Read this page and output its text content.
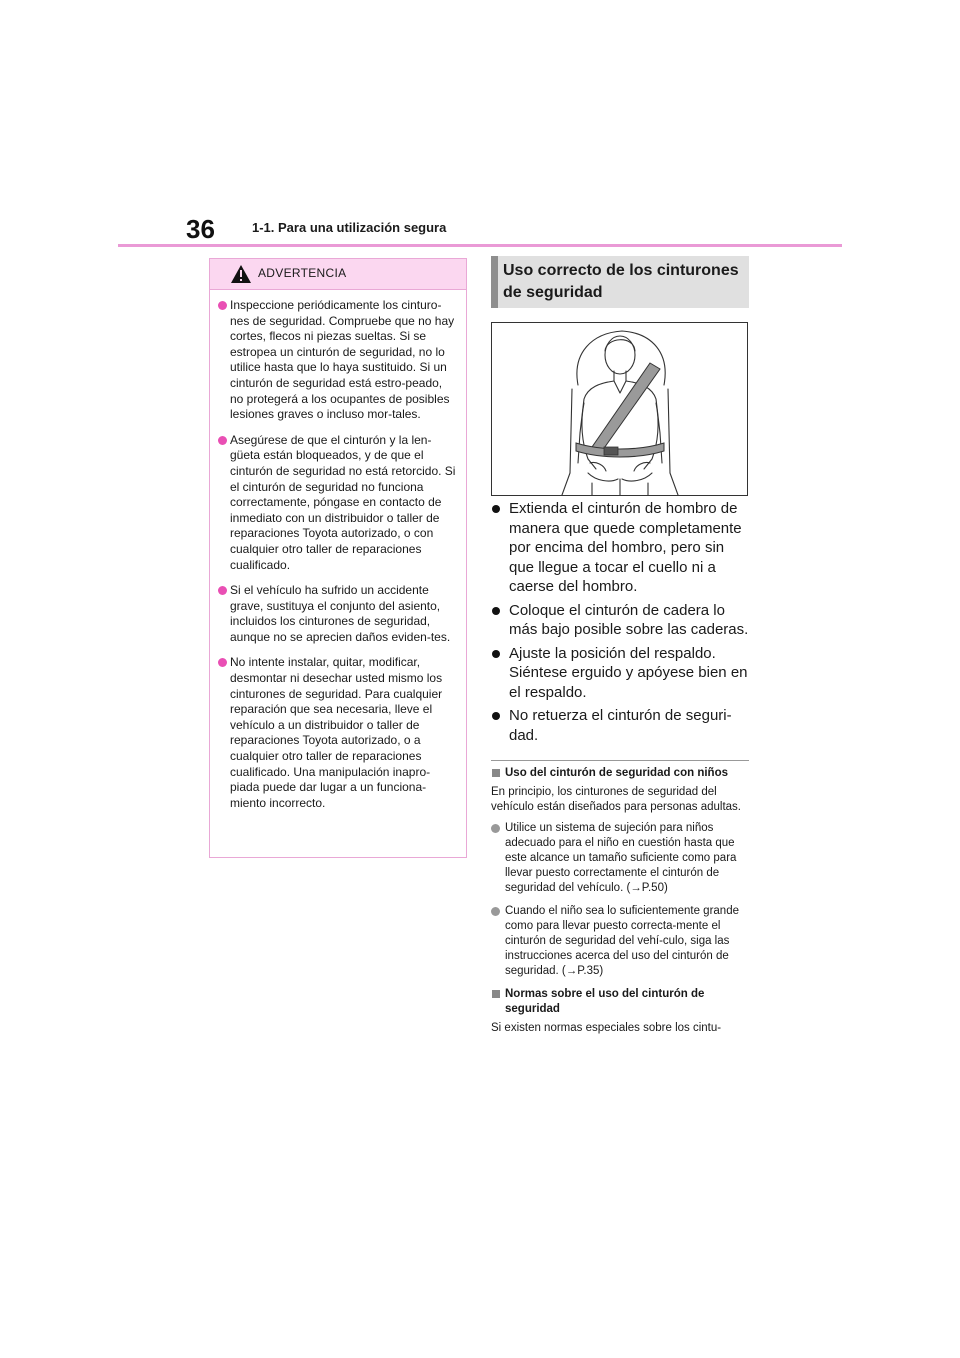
36	1-1. Para una utilización segura
ADVERTENCIA
Inspeccione periódicamente los cinturo-nes de seguridad. Compruebe que no hay cortes, flecos ni piezas sueltas. Si se estropea un cinturón de seguridad, no lo utilice hasta que lo haya sustituido. Si un cinturón de seguridad está estro-peado, no protegerá a los ocupantes de posibles lesiones graves o incluso mor-tales.
Asegúrese de que el cinturón y la len-güeta están bloqueados, y de que el cinturón de seguridad no está retorcido. Si el cinturón de seguridad no funciona correctamente, póngase en contacto de inmediato con un distribuidor o taller de reparaciones Toyota autorizado, o con cualquier otro taller de reparaciones cualificado.
Si el vehículo ha sufrido un accidente grave, sustituya el conjunto del asiento, incluidos los cinturones de seguridad, aunque no se aprecien daños eviden-tes.
No intente instalar, quitar, modificar, desmontar ni desechar usted mismo los cinturones de seguridad. Para cualquier reparación que sea necesaria, lleve el vehículo a un distribuidor o taller de reparaciones Toyota autorizado, o a cualquier otro taller de reparaciones cualificado. Una manipulación inapro-piada puede dar lugar a un funciona-miento incorrecto.
Uso correcto de los cinturones de seguridad
Extienda el cinturón de hombro de manera que quede completamente por encima del hombro, pero sin que llegue a tocar el cuello ni a caerse del hombro.
Coloque el cinturón de cadera lo más bajo posible sobre las caderas.
Ajuste la posición del respaldo. Siéntese erguido y apóyese bien en el respaldo.
No retuerza el cinturón de seguri-dad.
Uso del cinturón de seguridad con niños

En principio, los cinturones de seguridad del vehículo están diseñados para personas adultas.

Utilice un sistema de sujeción para niños adecuado para el niño en cuestión hasta que este alcance un tamaño suficiente como para llevar puesto correctamente el cinturón de seguridad del vehículo. (→P.50)
Cuando el niño sea lo suficientemente grande como para llevar puesto correcta-mente el cinturón de seguridad del vehí-culo, siga las instrucciones acerca del uso del cinturón de seguridad. (→P.35)
Normas sobre el uso del cinturón de seguridad

Si existen normas especiales sobre los cintu-
